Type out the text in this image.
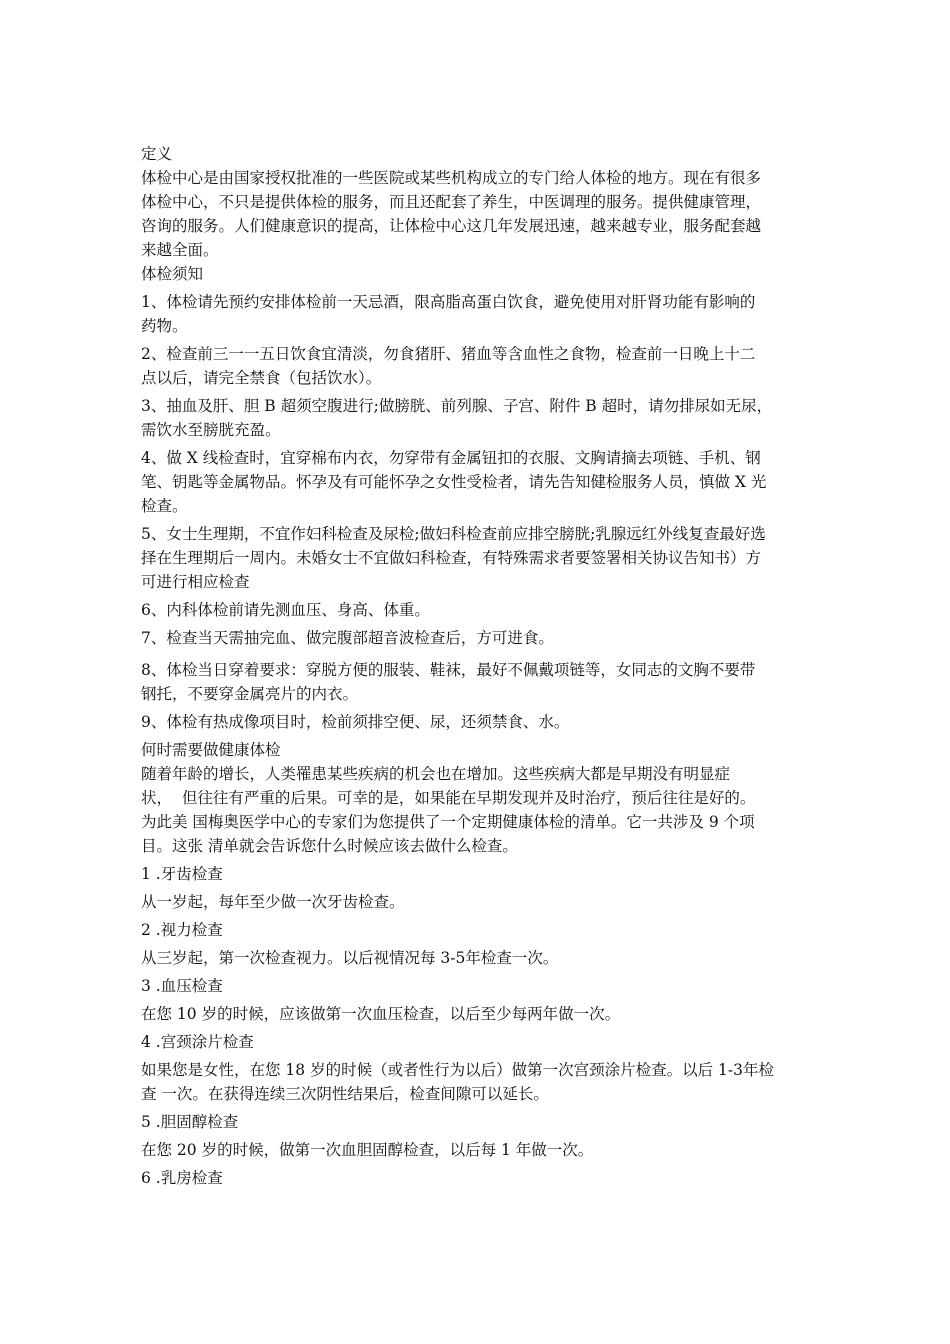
定义
体检中心是由国家授权批准的一些医院或某些机构成立的专门给人体检的地方。现在有很多
体检中心，不只是提供体检的服务，而且还配套了养生，中医调理的服务。提供健康管理，
咨询的服务。人们健康意识的提高，让体检中心这几年发展迅速，越来越专业，服务配套越
来越全面。
体检须知
1、体检请先预约安排体检前一天忌酒，限高脂高蛋白饮食，避免使用对肝肾功能有影响的
药物。
2、检查前三一一五日饮食宜清淡，勿食猪肝、猪血等含血性之食物，检查前一日晚上十二
点以后，请完全禁食（包括饮水）。
3、抽血及肝、胆 B 超须空腹进行;做膀胱、前列腺、子宫、附件 B 超时，请勿排尿如无尿，
需饮水至膀胱充盈。
4、做 X 线检查时，宜穿棉布内衣，勿穿带有金属钮扣的衣服、文胸请摘去项链、手机、钢
笔、钥匙等金属物品。怀孕及有可能怀孕之女性受检者，请先告知健检服务人员，慎做 X 光
检查。
5、女士生理期，不宜作妇科检查及尿检;做妇科检查前应排空膀胱;乳腺远红外线复查最好选
择在生理期后一周内。未婚女士不宜做妇科检查，有特殊需求者要签署相关协议告知书）方
可进行相应检查
6、内科体检前请先测血压、身高、体重。
7、检查当天需抽完血、做完腹部超音波检查后，方可进食。
8、体检当日穿着要求：穿脱方便的服装、鞋袜，最好不佩戴项链等，女同志的文胸不要带
钢托，不要穿金属亮片的内衣。
9、体检有热成像项目时，检前须排空便、尿，还须禁食、水。
何时需要做健康体检
随着年龄的增长，人类罹患某些疾病的机会也在增加。这些疾病大都是早期没有明显症
状，  但往往有严重的后果。可幸的是，如果能在早期发现并及时治疗，预后往往是好的。
为此美 国梅奥医学中心的专家们为您提供了一个定期健康体检的清单。它一共涉及 9 个项
目。这张 清单就会告诉您什么时候应该去做什么检查。
1 .牙齿检查
从一岁起，每年至少做一次牙齿检查。
2 .视力检查
从三岁起，第一次检查视力。以后视情况每 3-5年检查一次。
3 .血压检查
在您 10 岁的时候，应该做第一次血压检查，以后至少每两年做一次。
4 .宫颈涂片检查
如果您是女性，在您 18 岁的时候（或者性行为以后）做第一次宫颈涂片检查。以后 1-3年检
查 一次。在获得连续三次阴性结果后，检查间隙可以延长。
5 .胆固醇检查
在您 20 岁的时候，做第一次血胆固醇检查，以后每 1 年做一次。
6 .乳房检查
